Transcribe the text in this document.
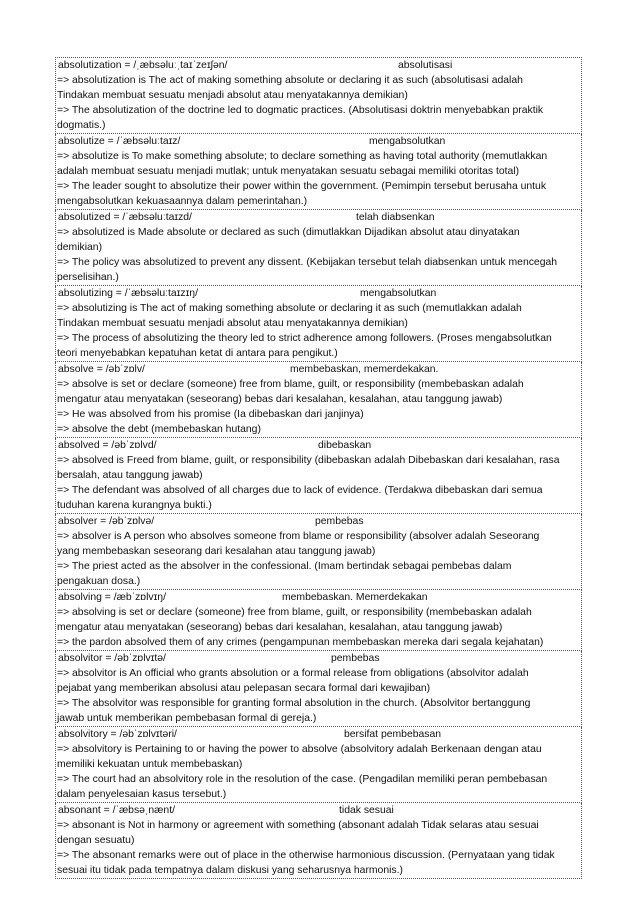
absolutization = /ˌæbsəluːˌtaɪˈzeɪʃən/	absolutisasi
=> absolutization is The act of making something absolute or declaring it as such (absolutisasi adalah
Tindakan membuat sesuatu menjadi absolut atau menyatakannya demikian)
=> The absolutization of the doctrine led to dogmatic practices. (Absolutisasi doktrin menyebabkan praktik
dogmatis.)
absolutize = /ˈæbsəluːtaɪz/	mengabsolutkan
=> absolutize is To make something absolute; to declare something as having total authority (memutlakkan
adalah membuat sesuatu menjadi mutlak; untuk menyatakan sesuatu sebagai memiliki otoritas total)
=> The leader sought to absolutize their power within the government. (Pemimpin tersebut berusaha untuk
mengabsolutkan kekuasaannya dalam pemerintahan.)
absolutized = /ˈæbsəluːtaɪzd/	telah diabsenkan
=> absolutized is Made absolute or declared as such (dimutlakkan Dijadikan absolut atau dinyatakan
demikian)
=> The policy was absolutized to prevent any dissent. (Kebijakan tersebut telah diabsenkan untuk mencegah
perselisihan.)
absolutizing = /ˈæbsəluːtaɪzɪŋ/	mengabsolutkan
=> absolutizing is The act of making something absolute or declaring it as such (memutlakkan adalah
Tindakan membuat sesuatu menjadi absolut atau menyatakannya demikian)
=> The process of absolutizing the theory led to strict adherence among followers. (Proses mengabsolutkan
teori menyebabkan kepatuhan ketat di antara para pengikut.)
absolve = /əbˈzɒlv/	membebaskan, memerdekakan.
=> absolve is set or declare (someone) free from blame, guilt, or responsibility (membebaskan adalah
mengatur atau menyatakan (seseorang) bebas dari kesalahan, kesalahan, atau tanggung jawab)
=> He was absolved from his promise (Ia dibebaskan dari janjinya)
=> absolve the debt (membebaskan hutang)
absolved = /əbˈzɒlvd/	dibebaskan
=> absolved is Freed from blame, guilt, or responsibility (dibebaskan adalah Dibebaskan dari kesalahan, rasa
bersalah, atau tanggung jawab)
=> The defendant was absolved of all charges due to lack of evidence. (Terdakwa dibebaskan dari semua
tuduhan karena kurangnya bukti.)
absolver = /əbˈzɒlvə/	pembebas
=> absolver is A person who absolves someone from blame or responsibility (absolver adalah Seseorang
yang membebaskan seseorang dari kesalahan atau tanggung jawab)
=> The priest acted as the absolver in the confessional. (Imam bertindak sebagai pembebas dalam
pengakuan dosa.)
absolving = /æbˈzɒlvɪŋ/	membebaskan. Memerdekakan
=> absolving is set or declare (someone) free from blame, guilt, or responsibility (membebaskan adalah
mengatur atau menyatakan (seseorang) bebas dari kesalahan, kesalahan, atau tanggung jawab)
=> the pardon absolved them of any crimes (pengampunan membebaskan mereka dari segala kejahatan)
absolvitor = /əbˈzɒlvɪtə/	pembebas
=> absolvitor is An official who grants absolution or a formal release from obligations (absolvitor adalah
pejabat yang memberikan absolusi atau pelepasan secara formal dari kewajiban)
=> The absolvitor was responsible for granting formal absolution in the church. (Absolvitor bertanggung
jawab untuk memberikan pembebasan formal di gereja.)
absolvitory = /əbˈzɒlvɪtəri/	bersifat pembebasan
=> absolvitory is Pertaining to or having the power to absolve (absolvitory adalah Berkenaan dengan atau
memiliki kekuatan untuk membebaskan)
=> The court had an absolvitory role in the resolution of the case. (Pengadilan memiliki peran pembebasan
dalam penyelesaian kasus tersebut.)
absonant = /ˈæbsəˌnænt/	tidak sesuai
=> absonant is Not in harmony or agreement with something (absonant adalah Tidak selaras atau sesuai
dengan sesuatu)
=> The absonant remarks were out of place in the otherwise harmonious discussion. (Pernyataan yang tidak
sesuai itu tidak pada tempatnya dalam diskusi yang seharusnya harmonis.)
